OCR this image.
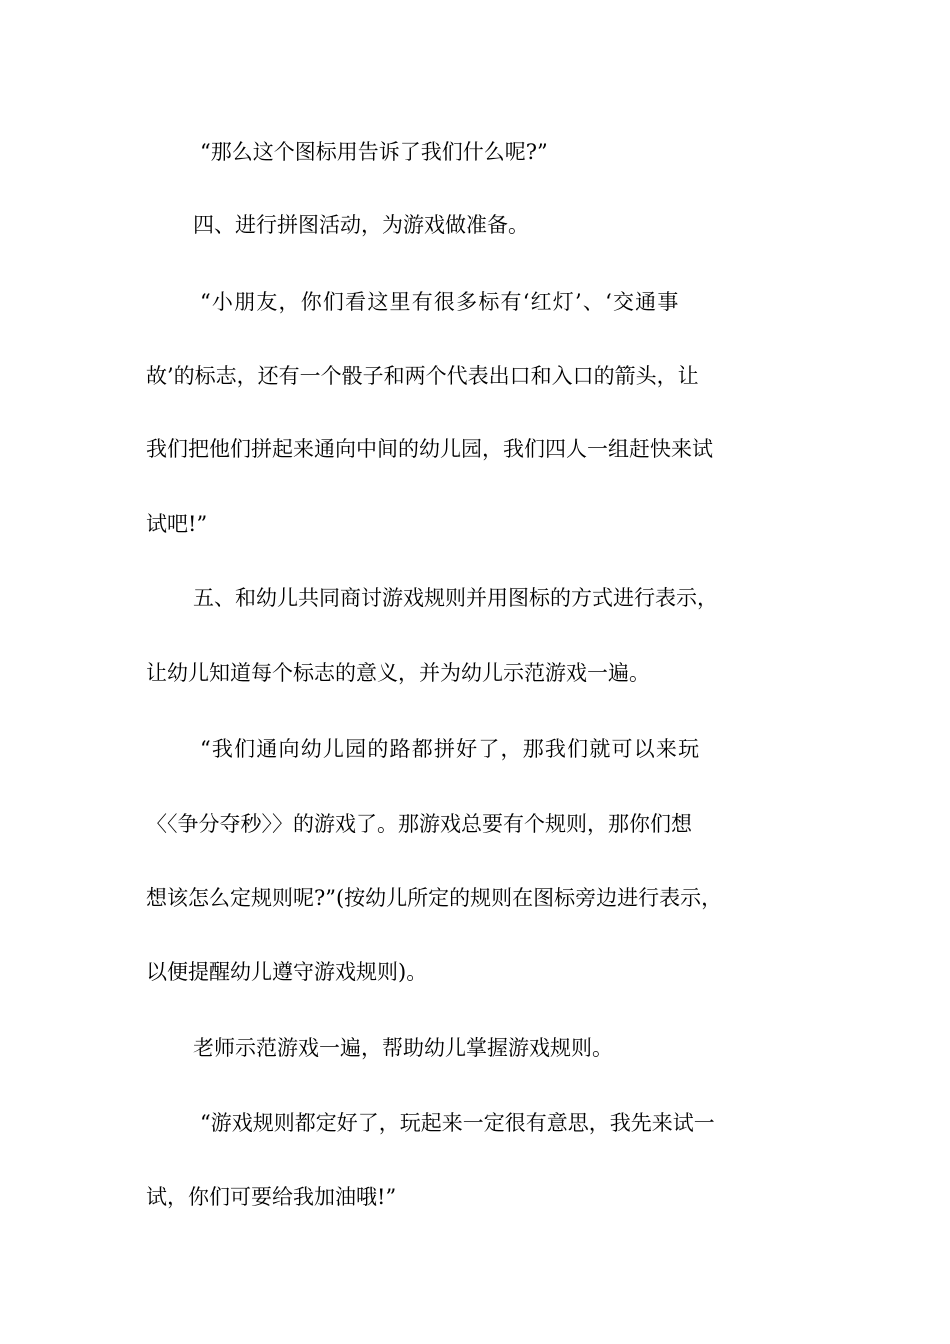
“那么这个图标用告诉了我们什么呢?”
四、进行拼图活动，为游戏做准备。
“小朋友，你们看这里有很多标有‘红灯’、‘交通事
故’的标志，还有一个骰子和两个代表出口和入口的箭头，让
我们把他们拼起来通向中间的幼儿园，我们四人一组赶快来试
试吧!”
五、和幼儿共同商讨游戏规则并用图标的方式进行表示，
让幼儿知道每个标志的意义，并为幼儿示范游戏一遍。
“我们通向幼儿园的路都拼好了，那我们就可以来玩
〈〈争分夺秒〉〉的游戏了。那游戏总要有个规则，那你们想
想该怎么定规则呢?”(按幼儿所定的规则在图标旁边进行表示，
以便提醒幼儿遵守游戏规则)。
老师示范游戏一遍，帮助幼儿掌握游戏规则。
“游戏规则都定好了，玩起来一定很有意思，我先来试一
试，你们可要给我加油哦!”
